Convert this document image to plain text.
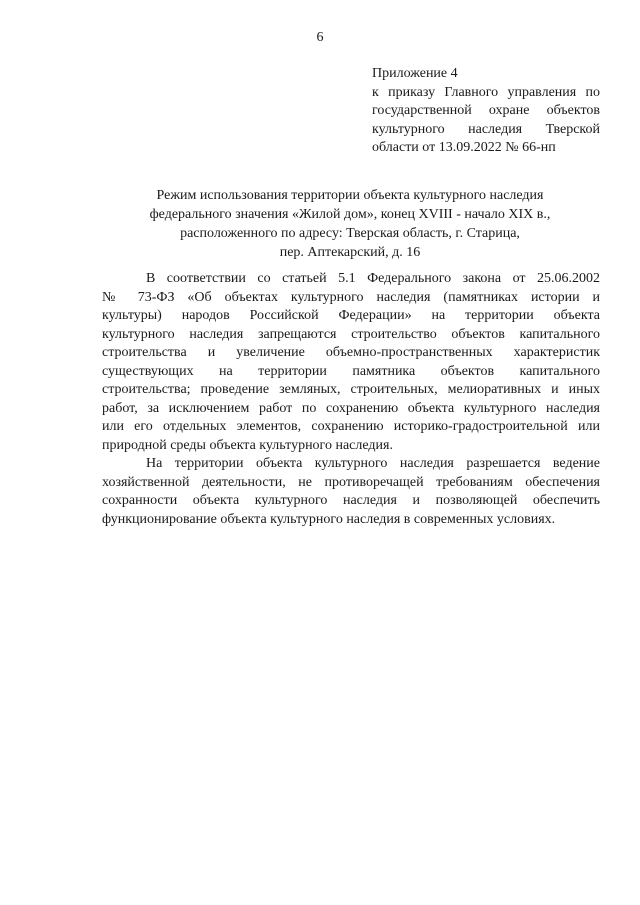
6
Приложение 4
к приказу Главного управления по
государственной охране объектов
культурного наследия Тверской
области от 13.09.2022 № 66-нп
Режим использования территории объекта культурного наследия
федерального значения «Жилой дом», конец XVIII - начало XIX в.,
расположенного по адресу: Тверская область, г. Старица,
пер. Аптекарский, д. 16
В соответствии со статьей 5.1 Федерального закона от 25.06.2002
№ 73-ФЗ «Об объектах культурного наследия (памятниках истории и
культуры) народов Российской Федерации» на территории объекта
культурного наследия запрещаются строительство объектов капитального
строительства и увеличение объемно-пространственных характеристик
существующих на территории памятника объектов капитального
строительства; проведение земляных, строительных, мелиоративных и иных
работ, за исключением работ по сохранению объекта культурного наследия
или его отдельных элементов, сохранению историко-градостроительной или
природной среды объекта культурного наследия.
На территории объекта культурного наследия разрешается ведение
хозяйственной деятельности, не противоречащей требованиям обеспечения
сохранности объекта культурного наследия и позволяющей обеспечить
функционирование объекта культурного наследия в современных условиях.
